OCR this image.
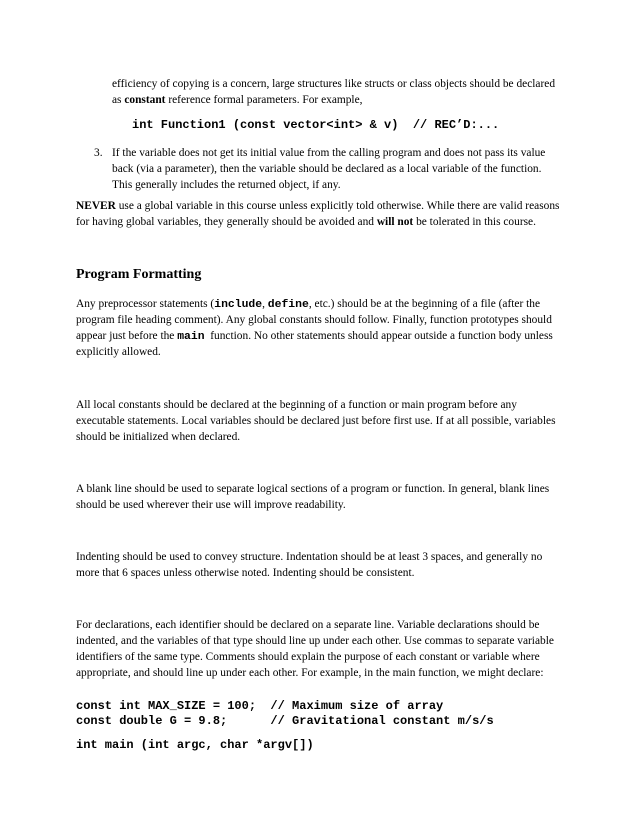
efficiency of copying is a concern, large structures like structs or class objects should be declared
as constant reference formal parameters. For example,
int Function1 (const vector<int> & v)  // REC’D:...
3. If the variable does not get its initial value from the calling program and does not pass its value
back (via a parameter), then the variable should be declared as a local variable of the function.
This generally includes the returned object, if any.
NEVER use a global variable in this course unless explicitly told otherwise. While there are valid reasons
for having global variables, they generally should be avoided and will not be tolerated in this course.
Program Formatting
Any preprocessor statements (include, define, etc.) should be at the beginning of a file (after the
program file heading comment). Any global constants should follow. Finally, function prototypes should
appear just before the main  function. No other statements should appear outside a function body unless
explicitly allowed.
All local constants should be declared at the beginning of a function or main program before any
executable statements. Local variables should be declared just before first use. If at all possible, variables
should be initialized when declared.
A blank line should be used to separate logical sections of a program or function. In general, blank lines
should be used wherever their use will improve readability.
Indenting should be used to convey structure. Indentation should be at least 3 spaces, and generally no
more that 6 spaces unless otherwise noted. Indenting should be consistent.
For declarations, each identifier should be declared on a separate line. Variable declarations should be
indented, and the variables of that type should line up under each other. Use commas to separate variable
identifiers of the same type. Comments should explain the purpose of each constant or variable where
appropriate, and should line up under each other. For example, in the main function, we might declare:
const int MAX_SIZE = 100;  // Maximum size of array
const double G = 9.8;      // Gravitational constant m/s/s
int main (int argc, char *argv[])
